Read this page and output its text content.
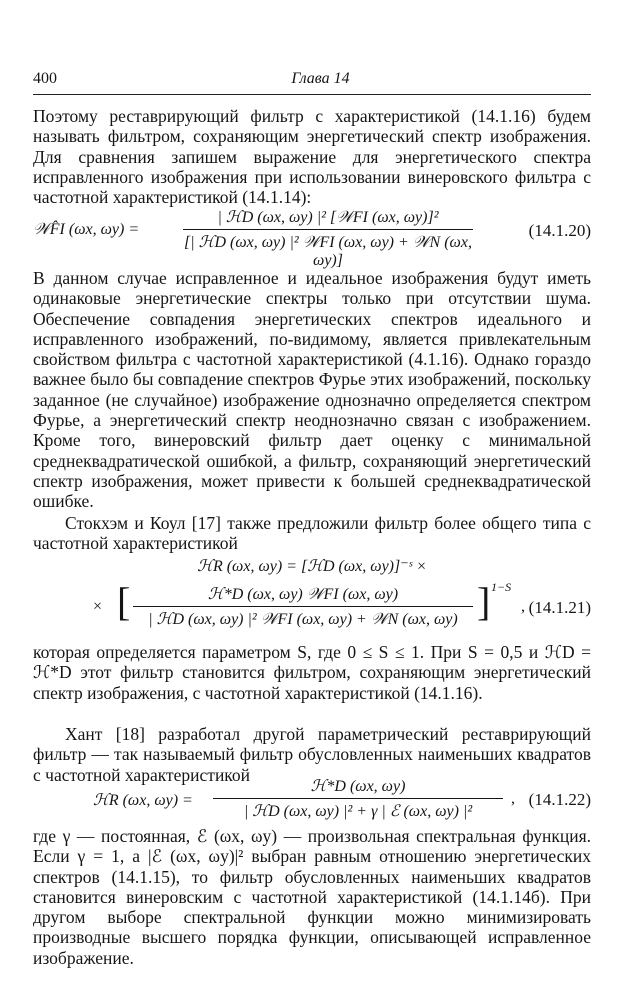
400	Глава 14
Поэтому реставрирующий фильтр с характеристикой (14.1.16) будем называть фильтром, сохраняющим энергетический спектр изображения. Для сравнения запишем выражение для энергетического спектра исправленного изображения при использовании винеровского фильтра с частотной характеристикой (14.1.14):
𝒲F̂I (ωx, ωy) =
| ℋD (ωx, ωy) |² [𝒲FI (ωx, ωy)]²
[| ℋD (ωx, ωy) |² 𝒲FI (ωx, ωy) + 𝒲N (ωx, ωy)]
(14.1.20)
В данном случае исправленное и идеальное изображения будут иметь одинаковые энергетические спектры только при отсутствии шума. Обеспечение совпадения энергетических спектров идеального и исправленного изображений, по-видимому, является привлекательным свойством фильтра с частотной характеристикой (4.1.16). Однако гораздо важнее было бы совпадение спектров Фурье этих изображений, поскольку заданное (не случайное) изображение однозначно определяется спектром Фурье, а энергетический спектр неоднозначно связан с изображением. Кроме того, винеровский фильтр дает оценку с минимальной среднеквадратической ошибкой, а фильтр, сохраняющий энергетический спектр изображения, может привести к большей среднеквадратической ошибке.
Стокхэм и Коул [17] также предложили фильтр более общего типа с частотной характеристикой
ℋR (ωx, ωy) = [ℋD (ωx, ωy)]⁻ˢ ×
× [	ℋ*D (ωx, ωy) 𝒲FI (ωx, ωy)
| ℋD (ωx, ωy) |² 𝒲FI (ωx, ωy) + 𝒲N (ωx, ωy) ] 1−S
, (14.1.21)
которая определяется параметром S, где 0 ≤ S ≤ 1. При S = 0,5 и ℋD = ℋ*D этот фильтр становится фильтром, сохраняющим энергетический спектр изображения, с частотной характеристикой (14.1.16).
Хант [18] разработал другой параметрический реставрирующий фильтр — так называемый фильтр обусловленных наименьших квадратов с частотной характеристикой
ℋR (ωx, ωy) =
ℋ*D (ωx, ωy)
| ℋD (ωx, ωy) |² + γ | ℰ (ωx, ωy) |²
, (14.1.22)
где γ — постоянная, ℰ (ωx, ωy) — произвольная спектральная функция. Если γ = 1, а |ℰ (ωx, ωy)|² выбран равным отношению энергетических спектров (14.1.15), то фильтр обусловленных наименьших квадратов становится винеровским с частотной характеристикой (14.1.14б). При другом выборе спектральной функции можно минимизировать производные высшего порядка функции, описывающей исправленное изображение.
